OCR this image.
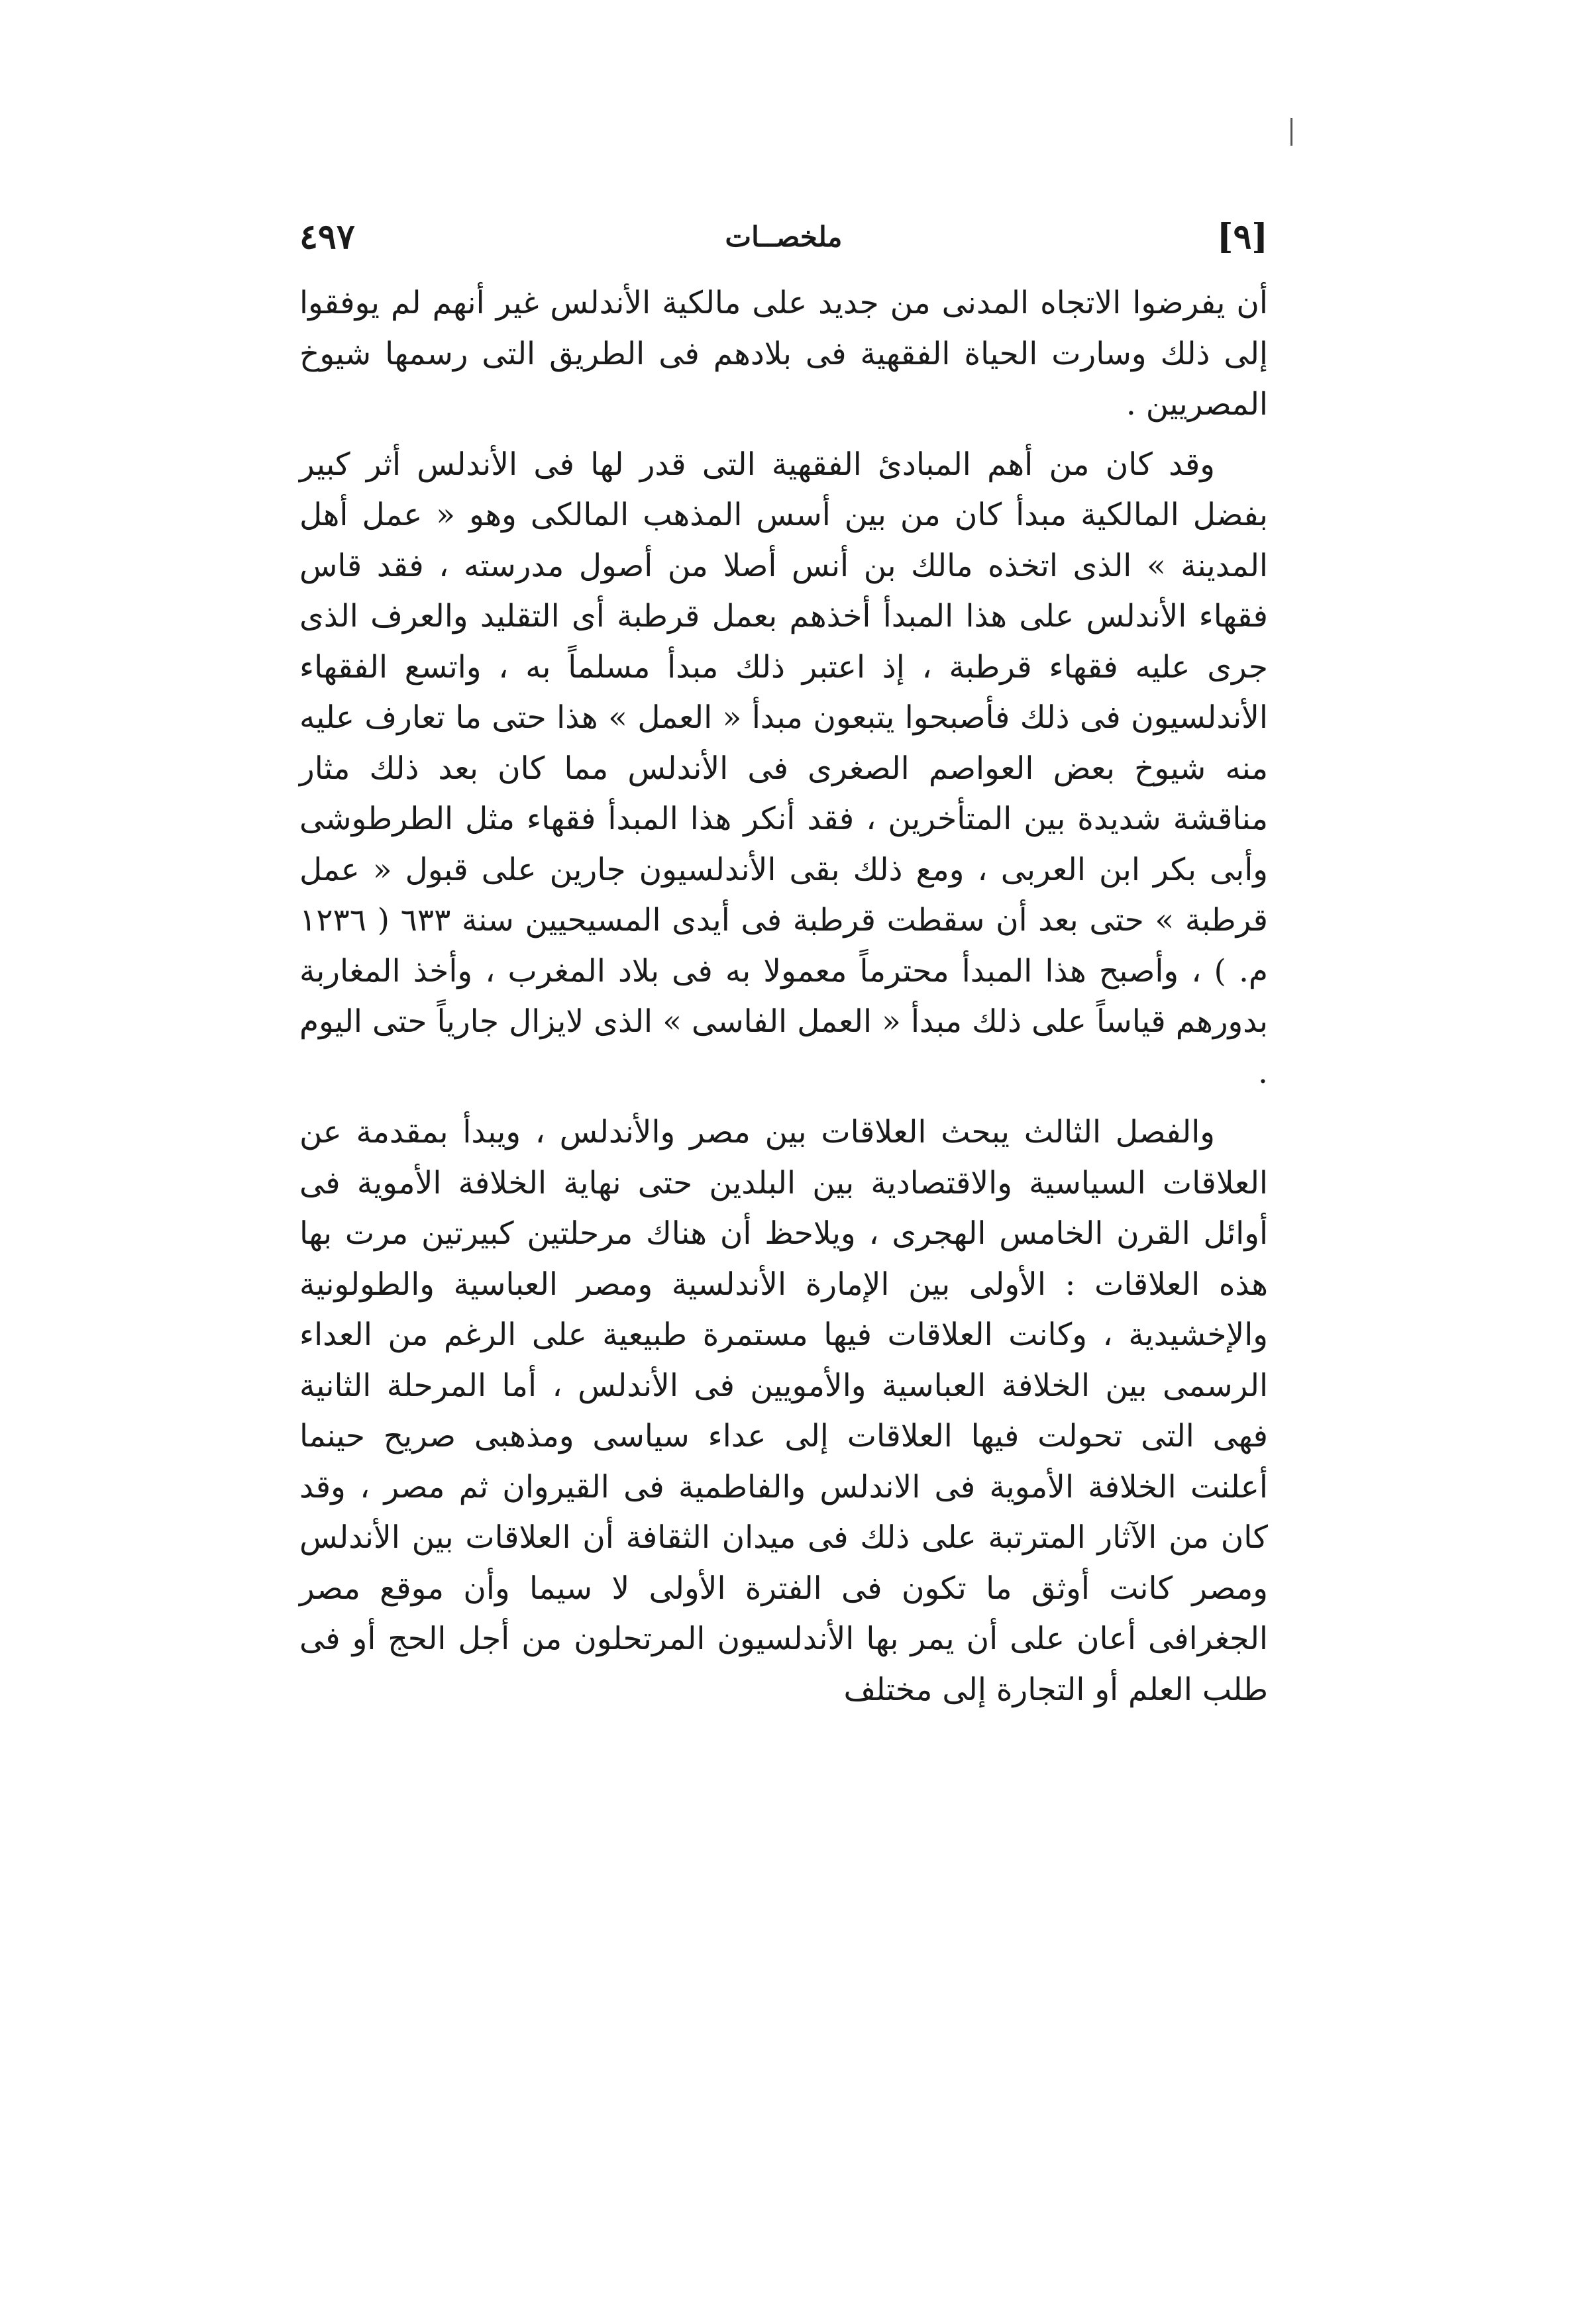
٤٩٧	ملخصــات	[٩]

أن يفرضوا الاتجاه المدنى من جديد على مالكية الأندلس غير أنهم لم يوفقوا إلى ذلك وسارت الحياة الفقهية فى بلادهم فى الطريق التى رسمها شيوخ المصريين .

وقد كان من أهم المبادئ الفقهية التى قدر لها فى الأندلس أثر كبير بفضل المالكية مبدأ كان من بين أسس المذهب المالكى وهو « عمل أهل المدينة » الذى اتخذه مالك بن أنس أصلا من أصول مدرسته ، فقد قاس فقهاء الأندلس على هذا المبدأ أخذهم بعمل قرطبة أى التقليد والعرف الذى جرى عليه فقهاء قرطبة ، إذ اعتبر ذلك مبدأ مسلماً به ، واتسع الفقهاء الأندلسيون فى ذلك فأصبحوا يتبعون مبدأ « العمل » هذا حتى ما تعارف عليه منه شيوخ بعض العواصم الصغرى فى الأندلس مما كان بعد ذلك مثار مناقشة شديدة بين المتأخرين ، فقد أنكر هذا المبدأ فقهاء مثل الطرطوشى وأبى بكر ابن العربى ، ومع ذلك بقى الأندلسيون جارين على قبول « عمل قرطبة » حتى بعد أن سقطت قرطبة فى أيدى المسيحيين سنة ٦٣٣ ( ١٢٣٦ م. ) ، وأصبح هذا المبدأ محترماً معمولا به فى بلاد المغرب ، وأخذ المغاربة بدورهم قياساً على ذلك مبدأ « العمل الفاسى » الذى لايزال جارياً حتى اليوم .

والفصل الثالث يبحث العلاقات بين مصر والأندلس ، ويبدأ بمقدمة عن العلاقات السياسية والاقتصادية بين البلدين حتى نهاية الخلافة الأموية فى أوائل القرن الخامس الهجرى ، ويلاحظ أن هناك مرحلتين كبيرتين مرت بها هذه العلاقات : الأولى بين الإمارة الأندلسية ومصر العباسية والطولونية والإخشيدية ، وكانت العلاقات فيها مستمرة طبيعية على الرغم من العداء الرسمى بين الخلافة العباسية والأمويين فى الأندلس ، أما المرحلة الثانية فهى التى تحولت فيها العلاقات إلى عداء سياسى ومذهبى صريح حينما أعلنت الخلافة الأموية فى الاندلس والفاطمية فى القيروان ثم مصر ، وقد كان من الآثار المترتبة على ذلك فى ميدان الثقافة أن العلاقات بين الأندلس ومصر كانت أوثق ما تكون فى الفترة الأولى لا سيما وأن موقع مصر الجغرافى أعان على أن يمر بها الأندلسيون المرتحلون من أجل الحج أو فى طلب العلم أو التجارة إلى مختلف
